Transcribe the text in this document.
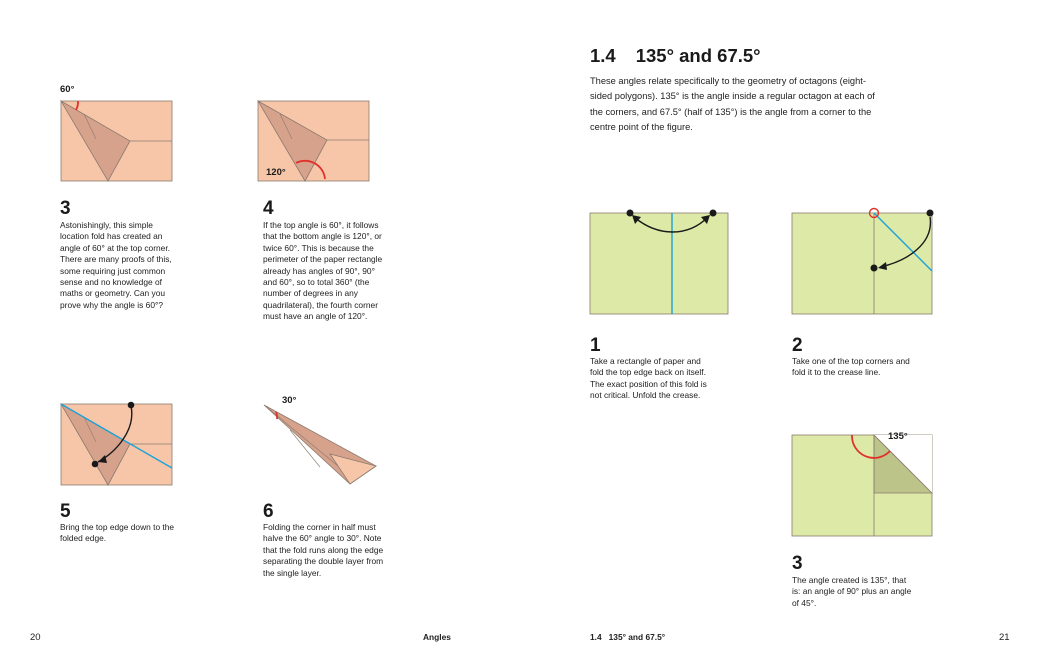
60°
3
Astonishingly, this simple location fold has created an angle of 60° at the top corner. There are many proofs of this, some requiring just common sense and no knowledge of maths or geometry. Can you prove why the angle is 60°?
120°
4
If the top angle is 60°, it follows that the bottom angle is 120°, or twice 60°. This is because the perimeter of the paper rectangle already has angles of 90°, 90° and 60°, so to total 360° (the number of degrees in any quadrilateral), the fourth corner must have an angle of 120°.
5
Bring the top edge down to the folded edge.
30°
6
Folding the corner in half must halve the 60° angle to 30°. Note that the fold runs along the edge separating the double layer from the single layer.
20	Angles
1.4 135° and 67.5°
These angles relate specifically to the geometry of octagons (eight-sided polygons). 135° is the angle inside a regular octagon at each of the corners, and 67.5° (half of 135°) is the angle from a corner to the centre point of the figure.
1
Take a rectangle of paper and fold the top edge back on itself. The exact position of this fold is not critical. Unfold the crease.
2
Take one of the top corners and fold it to the crease line.
135°
3
The angle created is 135°, that is: an angle of 90° plus an angle of 45°.
1.4   135° and 67.5°	21
